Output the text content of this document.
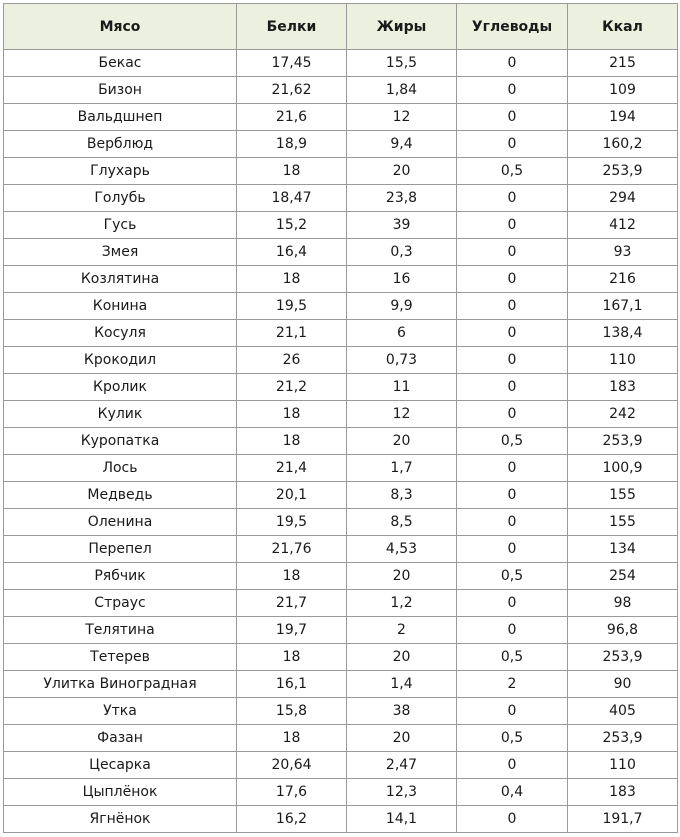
Мясо	Белки	Жиры	Углеводы	Ккал
Бекас	17,45	15,5	0	215
Бизон	21,62	1,84	0	109
Вальдшнеп	21,6	12	0	194
Верблюд	18,9	9,4	0	160,2
Глухарь	18	20	0,5	253,9
Голубь	18,47	23,8	0	294
Гусь	15,2	39	0	412
Змея	16,4	0,3	0	93
Козлятина	18	16	0	216
Конина	19,5	9,9	0	167,1
Косуля	21,1	6	0	138,4
Крокодил	26	0,73	0	110
Кролик	21,2	11	0	183
Кулик	18	12	0	242
Куропатка	18	20	0,5	253,9
Лось	21,4	1,7	0	100,9
Медведь	20,1	8,3	0	155
Оленина	19,5	8,5	0	155
Перепел	21,76	4,53	0	134
Рябчик	18	20	0,5	254
Страус	21,7	1,2	0	98
Телятина	19,7	2	0	96,8
Тетерев	18	20	0,5	253,9
Улитка Виноградная	16,1	1,4	2	90
Утка	15,8	38	0	405
Фазан	18	20	0,5	253,9
Цесарка	20,64	2,47	0	110
Цыплёнок	17,6	12,3	0,4	183
Ягнёнок	16,2	14,1	0	191,7
